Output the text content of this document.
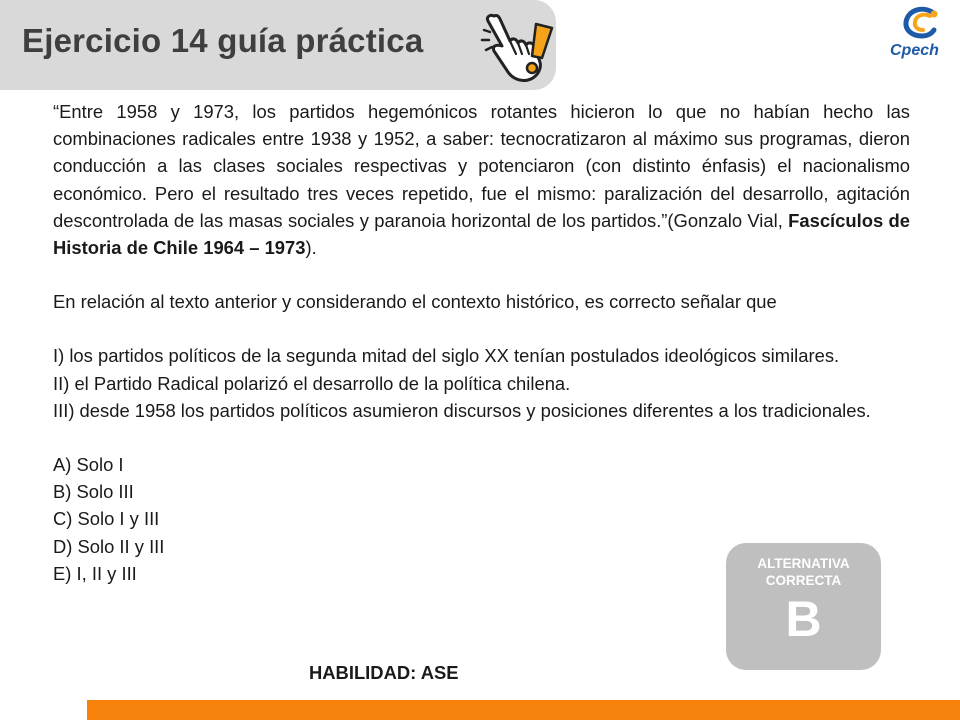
Ejercicio 14 guía práctica	Cpech

“Entre 1958 y 1973, los partidos hegemónicos rotantes hicieron lo que no habían hecho las combinaciones radicales entre 1938 y 1952, a saber: tecnocratizaron al máximo sus programas, dieron conducción a las clases sociales respectivas y potenciaron (con distinto énfasis) el nacionalismo económico. Pero el resultado tres veces repetido, fue el mismo: paralización del desarrollo, agitación descontrolada de las masas sociales y paranoia horizontal de los partidos.”(Gonzalo Vial, Fascículos de Historia de Chile 1964 – 1973).

En relación al texto anterior y considerando el contexto histórico, es correcto señalar que

I) los partidos políticos de la segunda mitad del siglo XX tenían postulados ideológicos similares.

II) el Partido Radical polarizó el desarrollo de la política chilena.

III) desde 1958 los partidos políticos asumieron discursos y posiciones diferentes a los tradicionales.

A) Solo I
B) Solo III
C) Solo I y III
D) Solo II y III
E) I, II y III	ALTERNATIVA
CORRECTA
B
HABILIDAD: ASE
